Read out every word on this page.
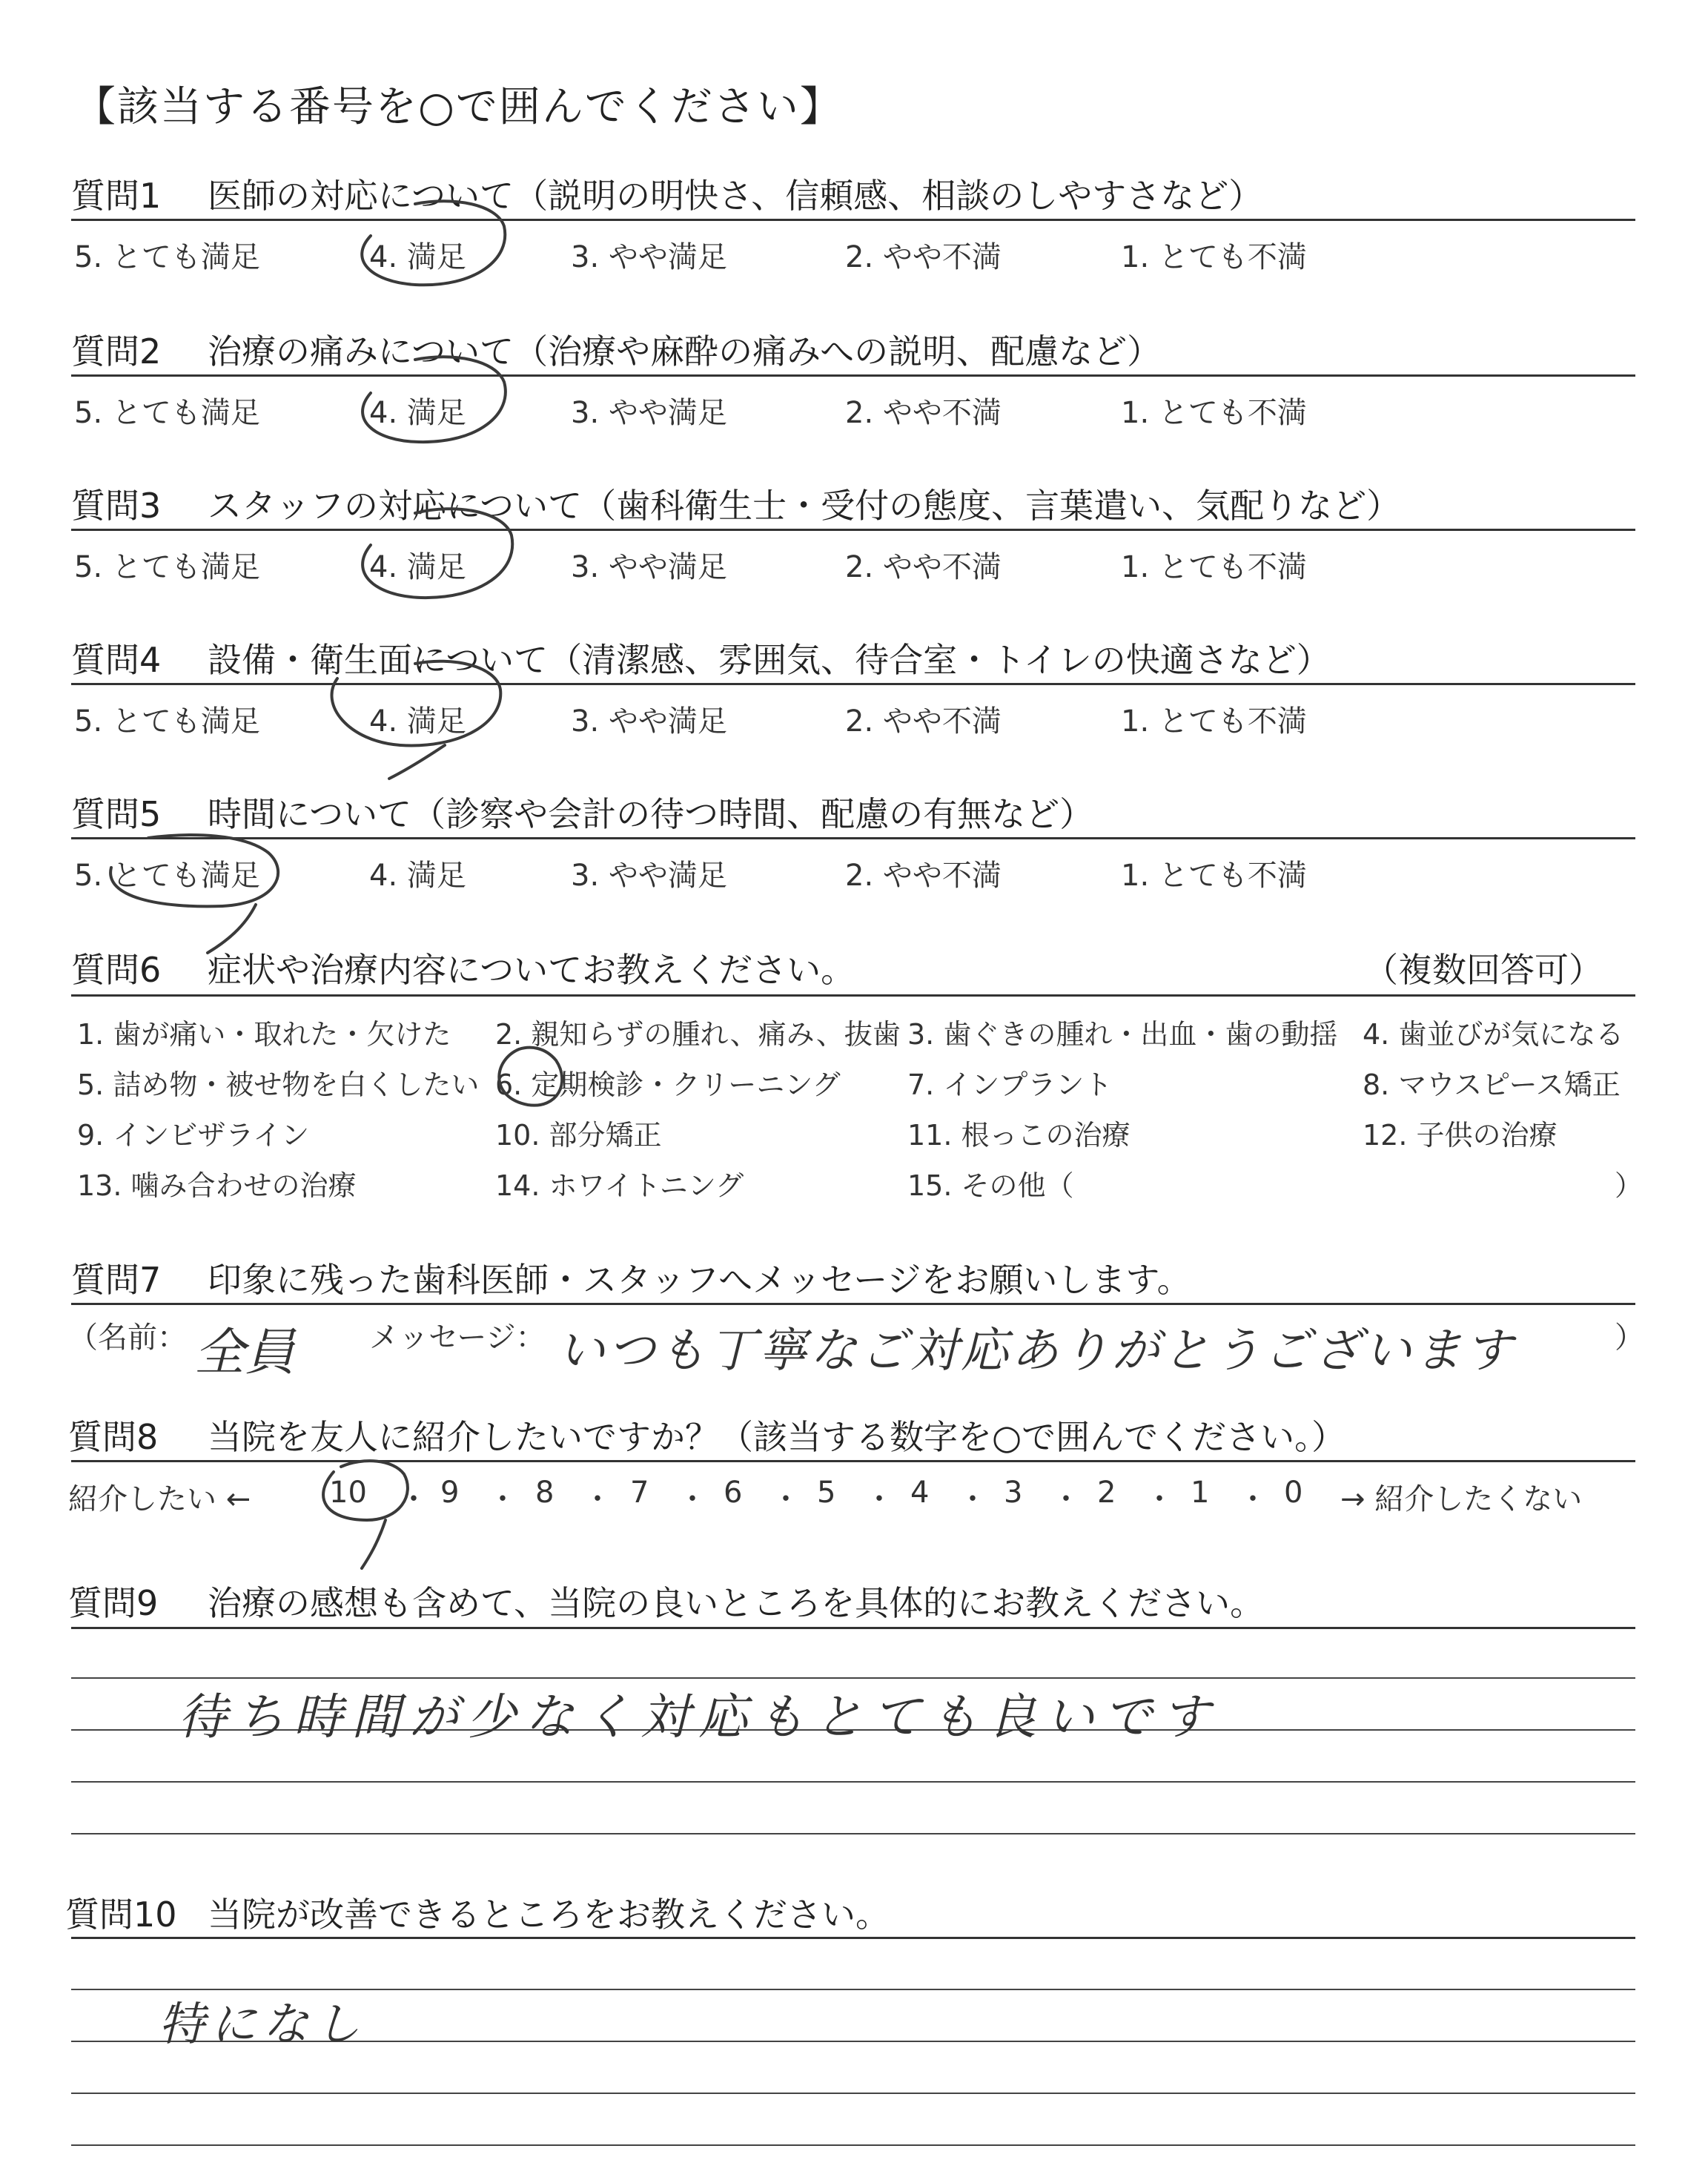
【該当する番号を○で囲んでください】
質問1 医師の対応について（説明の明快さ、信頼感、相談のしやすさなど）
5. とても満足	4. 満足	3. やや満足	2. やや不満	1. とても不満
質問2 治療の痛みについて（治療や麻酔の痛みへの説明、配慮など）
5. とても満足	4. 満足	3. やや満足	2. やや不満	1. とても不満
質問3 スタッフの対応について（歯科衛生士・受付の態度、言葉遣い、気配りなど）
5. とても満足	4. 満足	3. やや満足	2. やや不満	1. とても不満
質問4 設備・衛生面について（清潔感、雰囲気、待合室・トイレの快適さなど）
5. とても満足	4. 満足	3. やや満足	2. やや不満	1. とても不満
質問5 時間について（診察や会計の待つ時間、配慮の有無など）
5. とても満足	4. 満足	3. やや満足	2. やや不満	1. とても不満
質問6 症状や治療内容についてお教えください。	（複数回答可）
1. 歯が痛い・取れた・欠けた 2. 親知らずの腫れ、痛み、抜歯 3. 歯ぐきの腫れ・出血・歯の動揺 4. 歯並びが気になる
5. 詰め物・被せ物を白くしたい 6. 定期検診・クリーニング 7. インプラント	8. マウスピース矯正
9. インビザライン	10. 部分矯正	11. 根っこの治療	12. 子供の治療
13. 噛み合わせの治療	14. ホワイトニング	15. その他（	）
質問7 印象に残った歯科医師・スタッフへメッセージをお願いします。
（名前： 全員 メッセージ： いつも丁寧なご対応ありがとうございます	）
質問8 当院を友人に紹介したいですか？（該当する数字を○で囲んでください。）
紹介したい ←	10 ・ 9 ・ 8 ・ 7 ・ 6 ・ 5 ・ 4 ・ 3 ・ 2 ・ 1 ・ 0 → 紹介したくない
質問9 治療の感想も含めて、当院の良いところを具体的にお教えください。
待ち時間が少なく対応もとても良いです
質問10 当院が改善できるところをお教えください。
特になし
